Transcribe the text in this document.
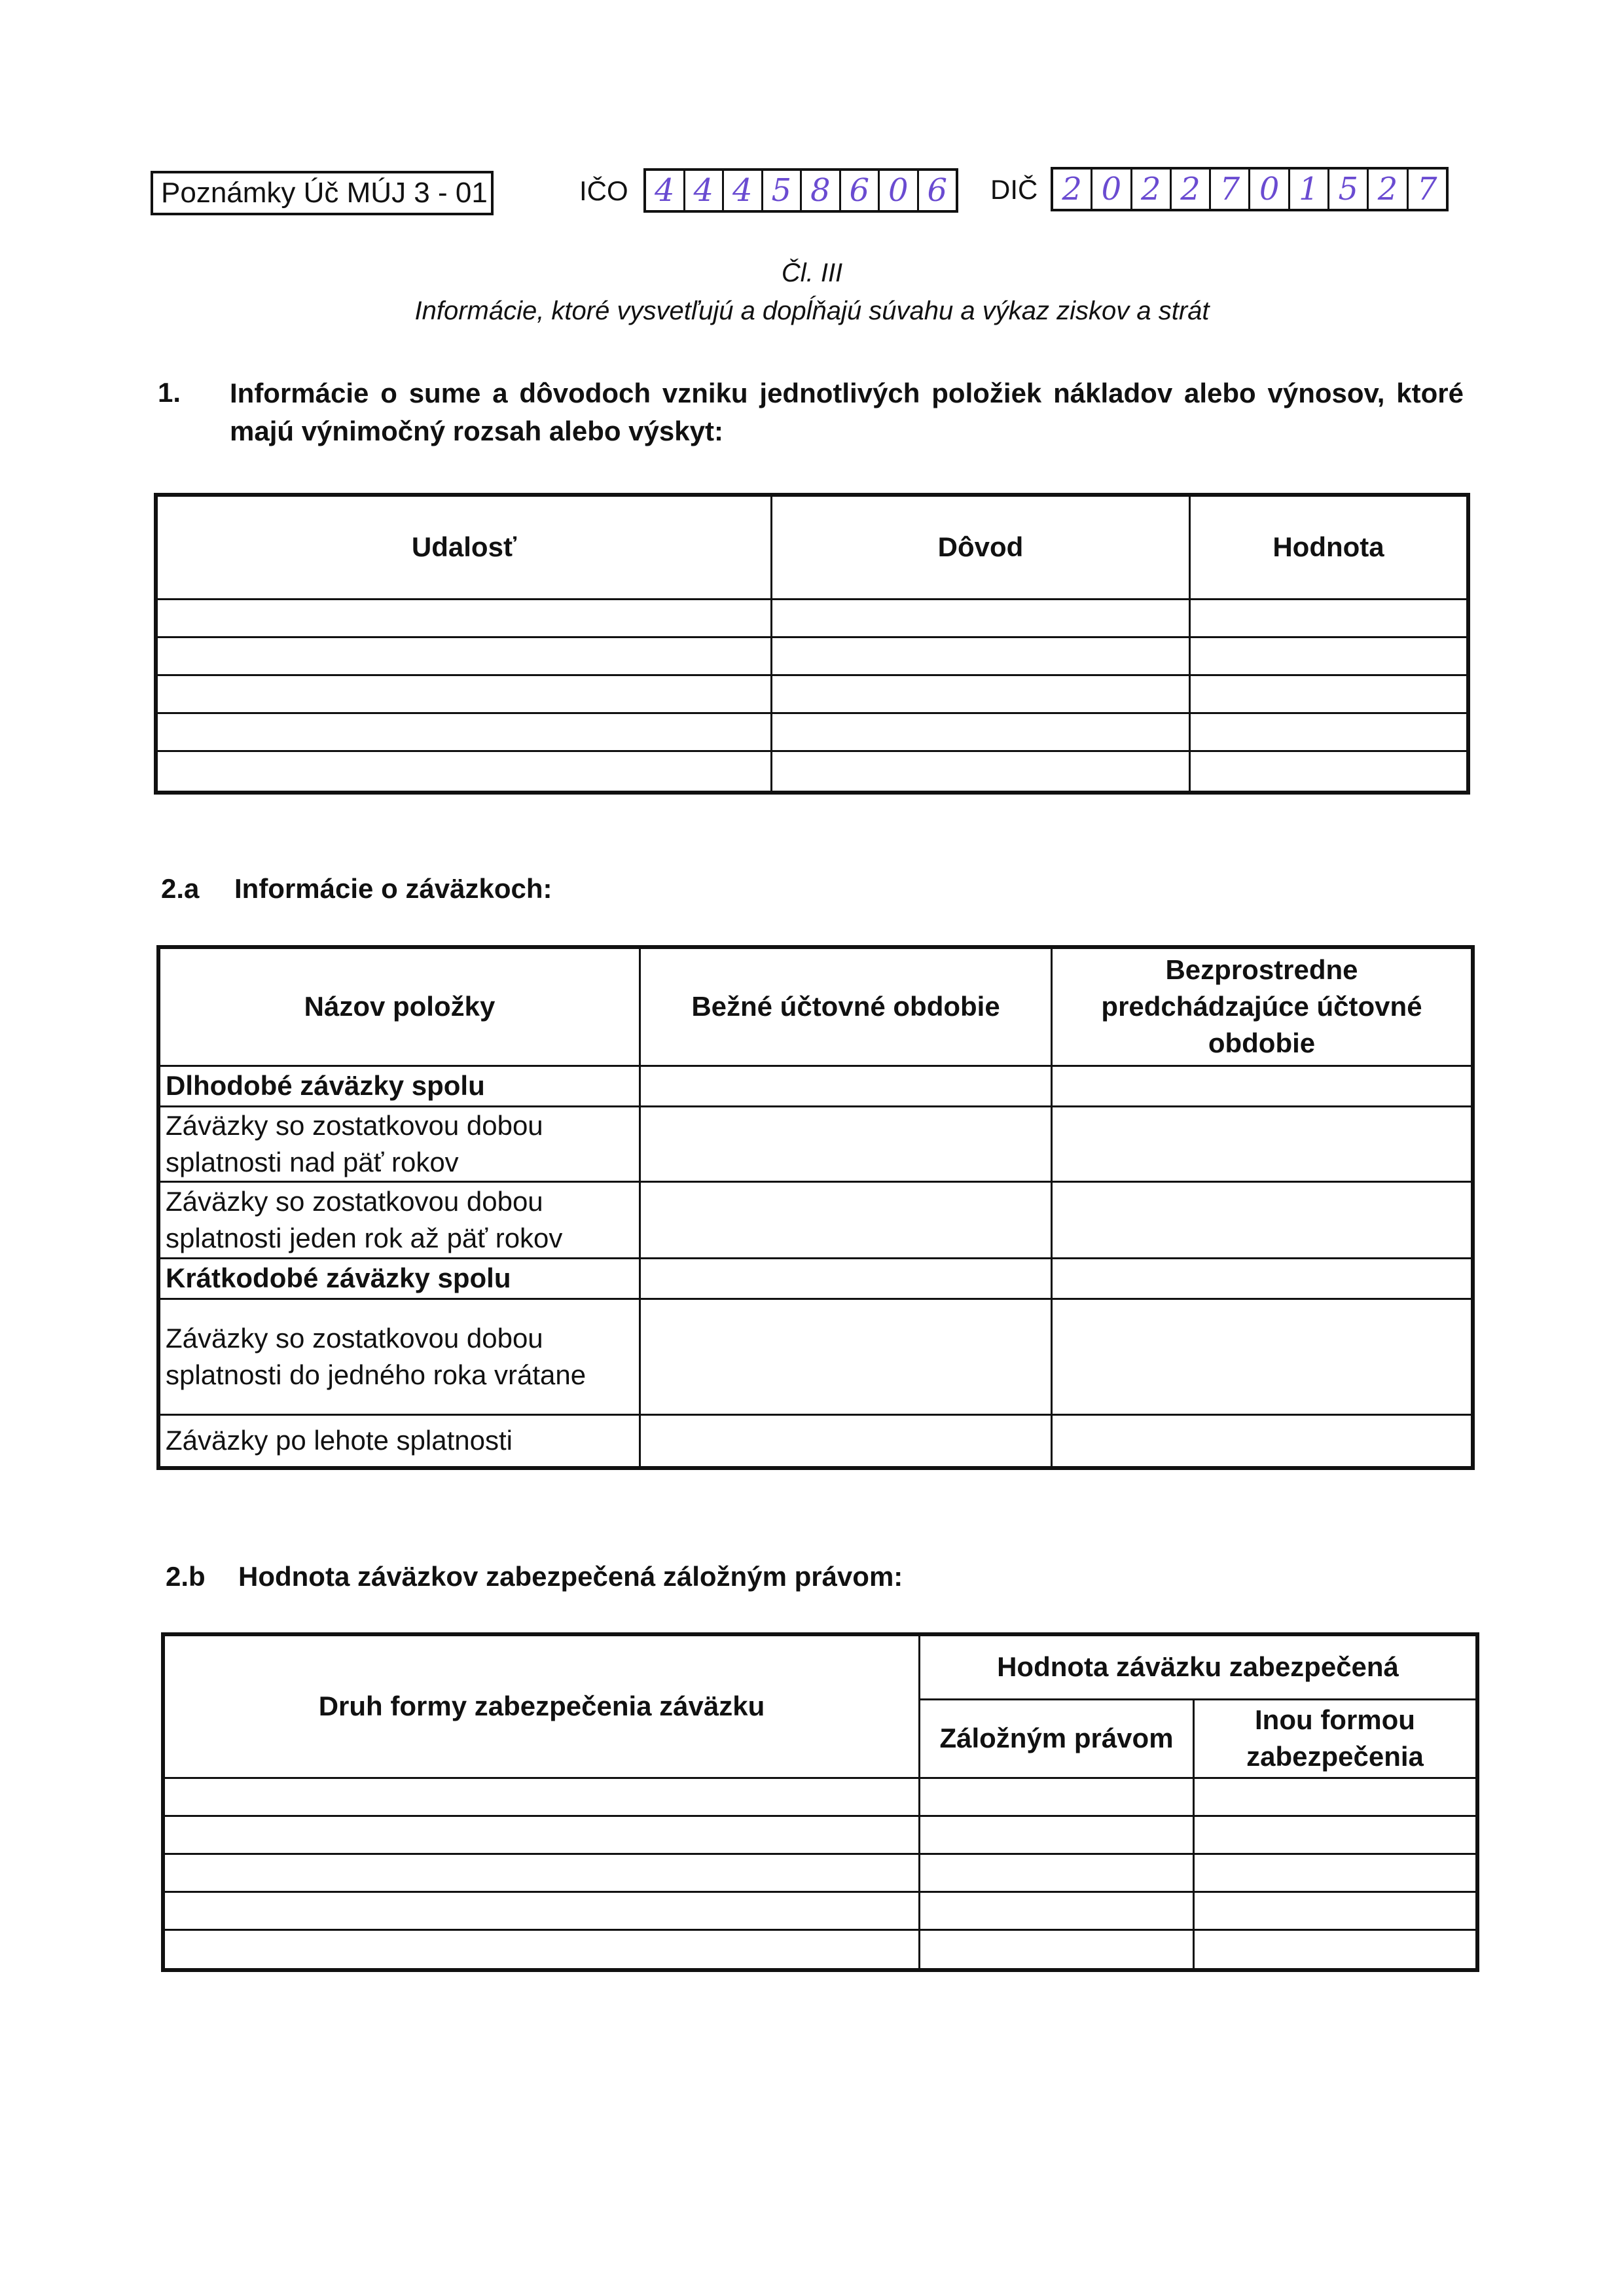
Poznámky Úč MÚJ 3 - 01	IČO 4 4 4 5 8 6 0 6	DIČ 2 0 2 2 7 0 1 5 2 7
Čl. III
Informácie, ktoré vysvetľujú a dopĺňajú súvahu a výkaz ziskov a strát
1. Informácie o sume a dôvodoch vzniku jednotlivých položiek nákladov alebo výnosov, ktoré majú výnimočný rozsah alebo výskyt:
Udalosť	Dôvod	Hodnota

2.a Informácie o záväzkoch:
Názov položky	Bežné účtovné obdobie	Bezprostredne predchádzajúce účtovné obdobie
Dlhodobé záväzky spolu		
Záväzky so zostatkovou dobou splatnosti nad päť rokov		
Záväzky so zostatkovou dobou splatnosti jeden rok až päť rokov		
Krátkodobé záväzky spolu		
Záväzky so zostatkovou dobou splatnosti do jedného roka vrátane		
Záväzky po lehote splatnosti		
2.b Hodnota záväzkov zabezpečená záložným právom:
Druh formy zabezpečenia záväzku	Hodnota záväzku zabezpečená	
	Záložným právom	Inou formou zabezpečenia
